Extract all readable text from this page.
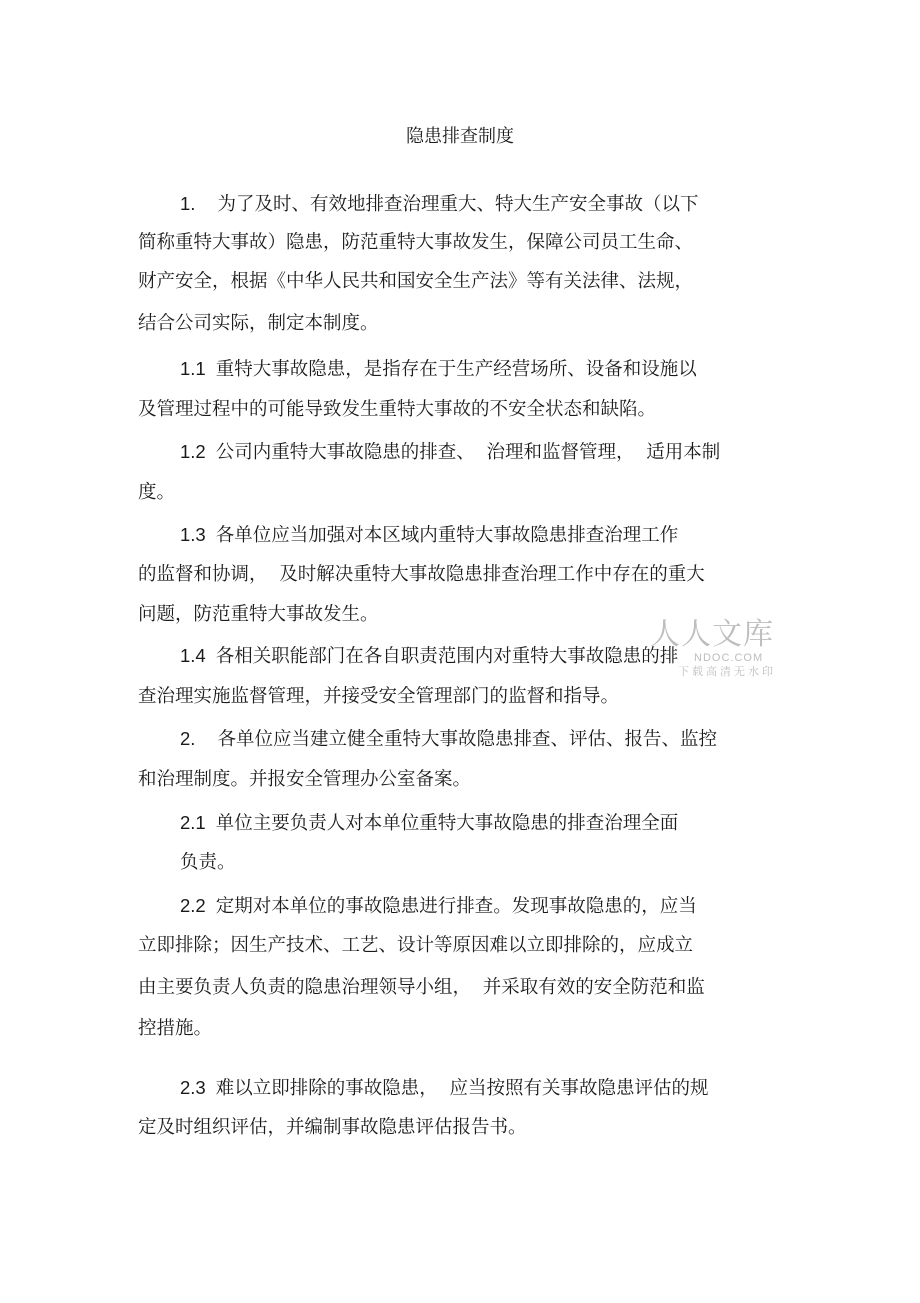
隐患排查制度
1. 为了及时、有效地排查治理重大、特大生产安全事故（以下
简称重特大事故）隐患，防范重特大事故发生，保障公司员工生命、
财产安全，根据《中华人民共和国安全生产法》等有关法律、法规，
结合公司实际，制定本制度。
1.1 重特大事故隐患，是指存在于生产经营场所、设备和设施以
及管理过程中的可能导致发生重特大事故的不安全状态和缺陷。
1.2 公司内重特大事故隐患的排查、  治理和监督管理，  适用本制
度。
1.3 各单位应当加强对本区域内重特大事故隐患排查治理工作
的监督和协调，  及时解决重特大事故隐患排查治理工作中存在的重大
问题，防范重特大事故发生。
1.4 各相关职能部门在各自职责范围内对重特大事故隐患的排
查治理实施监督管理，并接受安全管理部门的监督和指导。
2. 各单位应当建立健全重特大事故隐患排查、评估、报告、监控
和治理制度。并报安全管理办公室备案。
2.1 单位主要负责人对本单位重特大事故隐患的排查治理全面
负责。
2.2 定期对本单位的事故隐患进行排查。发现事故隐患的，应当
立即排除；因生产技术、工艺、设计等原因难以立即排除的，应成立
由主要负责人负责的隐患治理领导小组，  并采取有效的安全防范和监
控措施。
2.3 难以立即排除的事故隐患，  应当按照有关事故隐患评估的规
定及时组织评估，并编制事故隐患评估报告书。
人人文库
NDOC.COM
下载高清无水印
